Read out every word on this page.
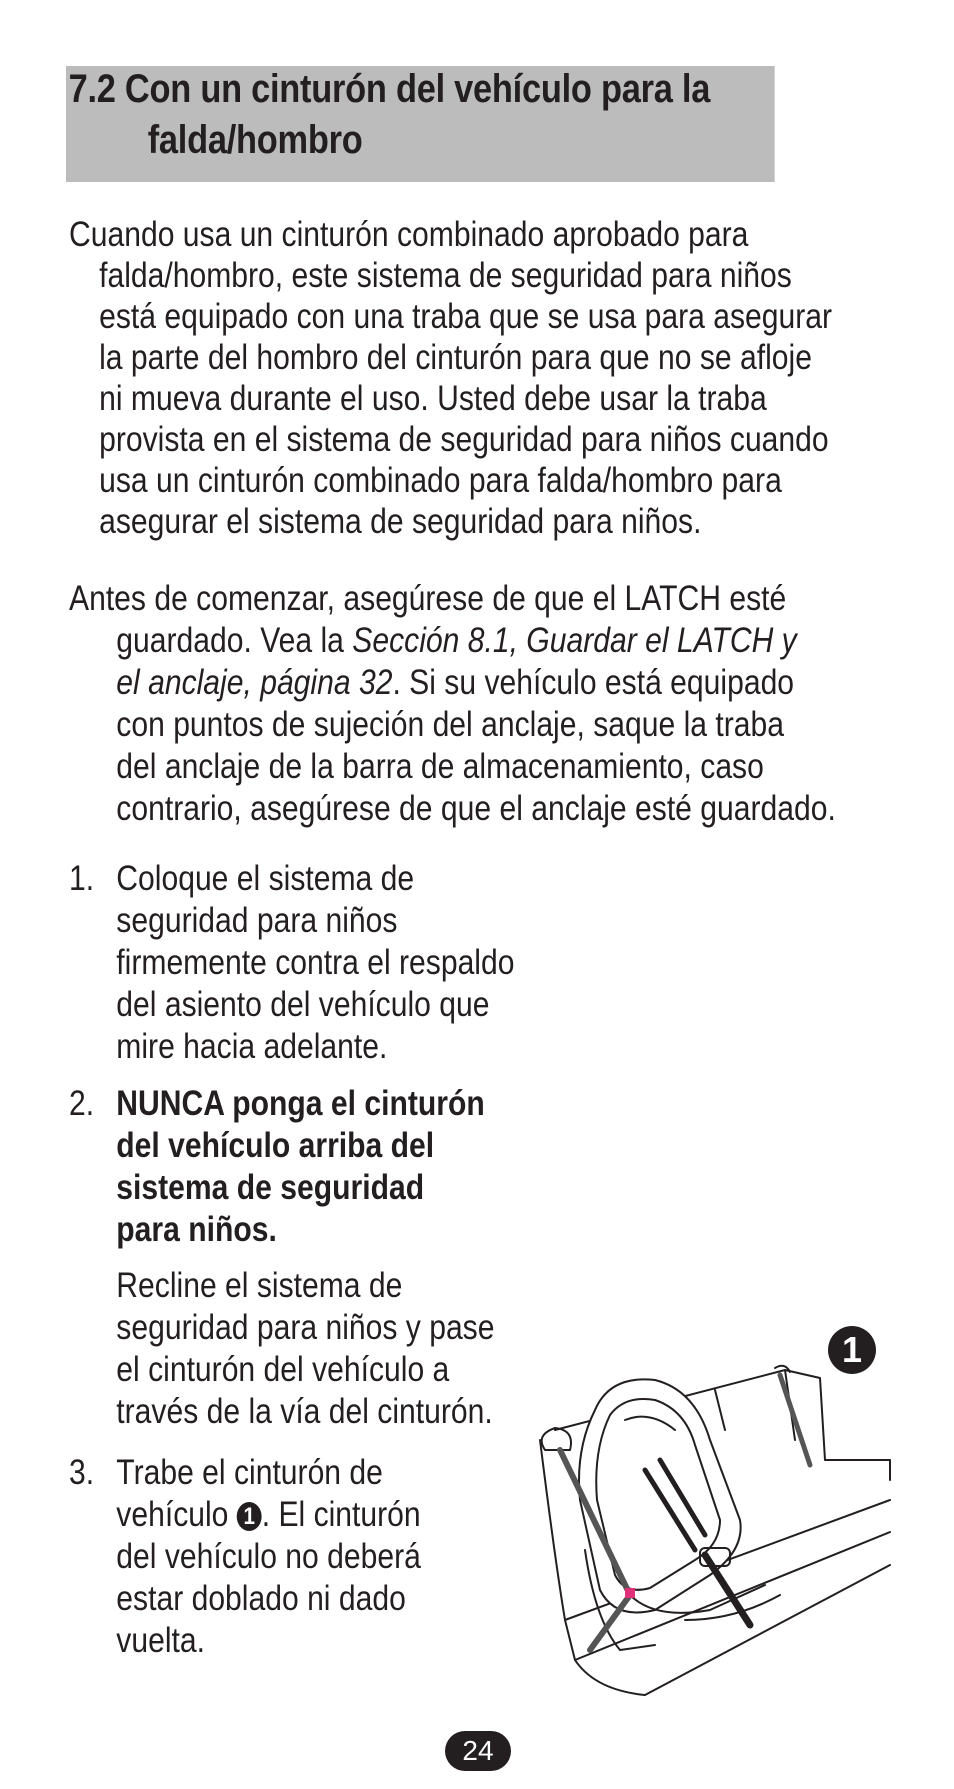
7.2 Con un cinturón del vehículo para la
falda/hombro
Cuando usa un cinturón combinado aprobado para
falda/hombro, este sistema de seguridad para niños
está equipado con una traba que se usa para asegurar
la parte del hombro del cinturón para que no se afloje
ni mueva durante el uso. Usted debe usar la traba
provista en el sistema de seguridad para niños cuando
usa un cinturón combinado para falda/hombro para
asegurar el sistema de seguridad para niños.
Antes de comenzar, asegúrese de que el LATCH esté
guardado. Vea la Sección 8.1, Guardar el LATCH y
el anclaje, página 32. Si su vehículo está equipado
con puntos de sujeción del anclaje, saque la traba
del anclaje de la barra de almacenamiento, caso
contrario, asegúrese de que el anclaje esté guardado.
1. Coloque el sistema de
seguridad para niños
firmemente contra el respaldo
del asiento del vehículo que
mire hacia adelante.
2. NUNCA ponga el cinturón
del vehículo arriba del
sistema de seguridad
para niños.
Recline el sistema de
seguridad para niños y pase
el cinturón del vehículo a
través de la vía del cinturón.
3. Trabe el cinturón de
vehículo 1 . El cinturón
del vehículo no deberá
estar doblado ni dado
vuelta.
1
24
